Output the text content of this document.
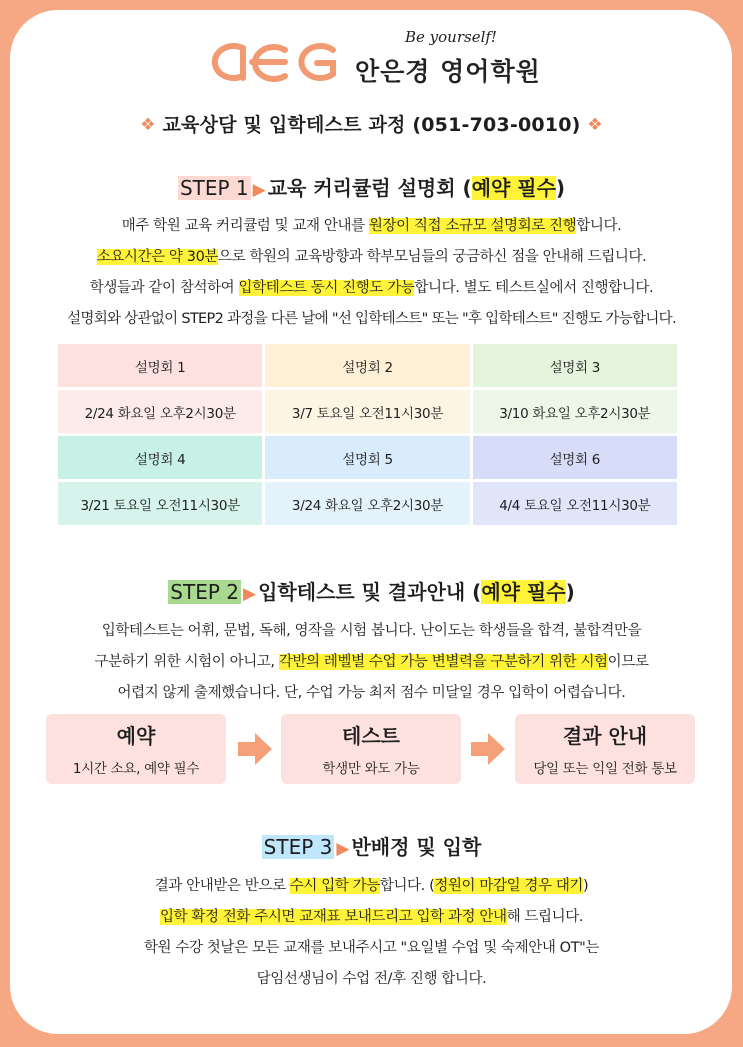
Be yourself!
안은경 영어학원
❖ 교육상담 및 입학테스트 과정 (051-703-0010) ❖
STEP 1 ▶ 교육 커리큘럼 설명회 (예약 필수)

매주 학원 교육 커리큘럼 및 교재 안내를 원장이 직접 소규모 설명회로 진행합니다.

소요시간은 약 30분으로 학원의 교육방향과 학부모님들의 궁금하신 점을 안내해 드립니다.

학생들과 같이 참석하여 입학테스트 동시 진행도 가능합니다. 별도 테스트실에서 진행합니다.

설명회와 상관없이 STEP2 과정을 다른 날에 "선 입학테스트" 또는 "후 입학테스트" 진행도 가능합니다.

설명회 1	설명회 2	설명회 3
2/24 화요일 오후2시30분	3/7 토요일 오전11시30분	3/10 화요일 오후2시30분
설명회 4	설명회 5	설명회 6
3/21 토요일 오전11시30분	3/24 화요일 오후2시30분	4/4 토요일 오전11시30분
STEP 2 ▶ 입학테스트 및 결과안내 (예약 필수)

입학테스트는 어휘, 문법, 독해, 영작을 시험 봅니다. 난이도는 학생들을 합격, 불합격만을

구분하기 위한 시험이 아니고, 각반의 레벨별 수업 가능 변별력을 구분하기 위한 시험이므로

어렵지 않게 출제했습니다. 단, 수업 가능 최저 점수 미달일 경우 입학이 어렵습니다.

예약
1시간 소요, 예약 필수
테스트
학생만 와도 가능
결과 안내
당일 또는 익일 전화 통보
STEP 3 ▶ 반배정 및 입학

결과 안내받은 반으로 수시 입학 가능합니다. (정원이 마감일 경우 대기)

입학 확정 전화 주시면 교재표 보내드리고 입학 과정 안내해 드립니다.

학원 수강 첫날은 모든 교재를 보내주시고 "요일별 수업 및 숙제안내 OT"는

담임선생님이 수업 전/후 진행 합니다.
